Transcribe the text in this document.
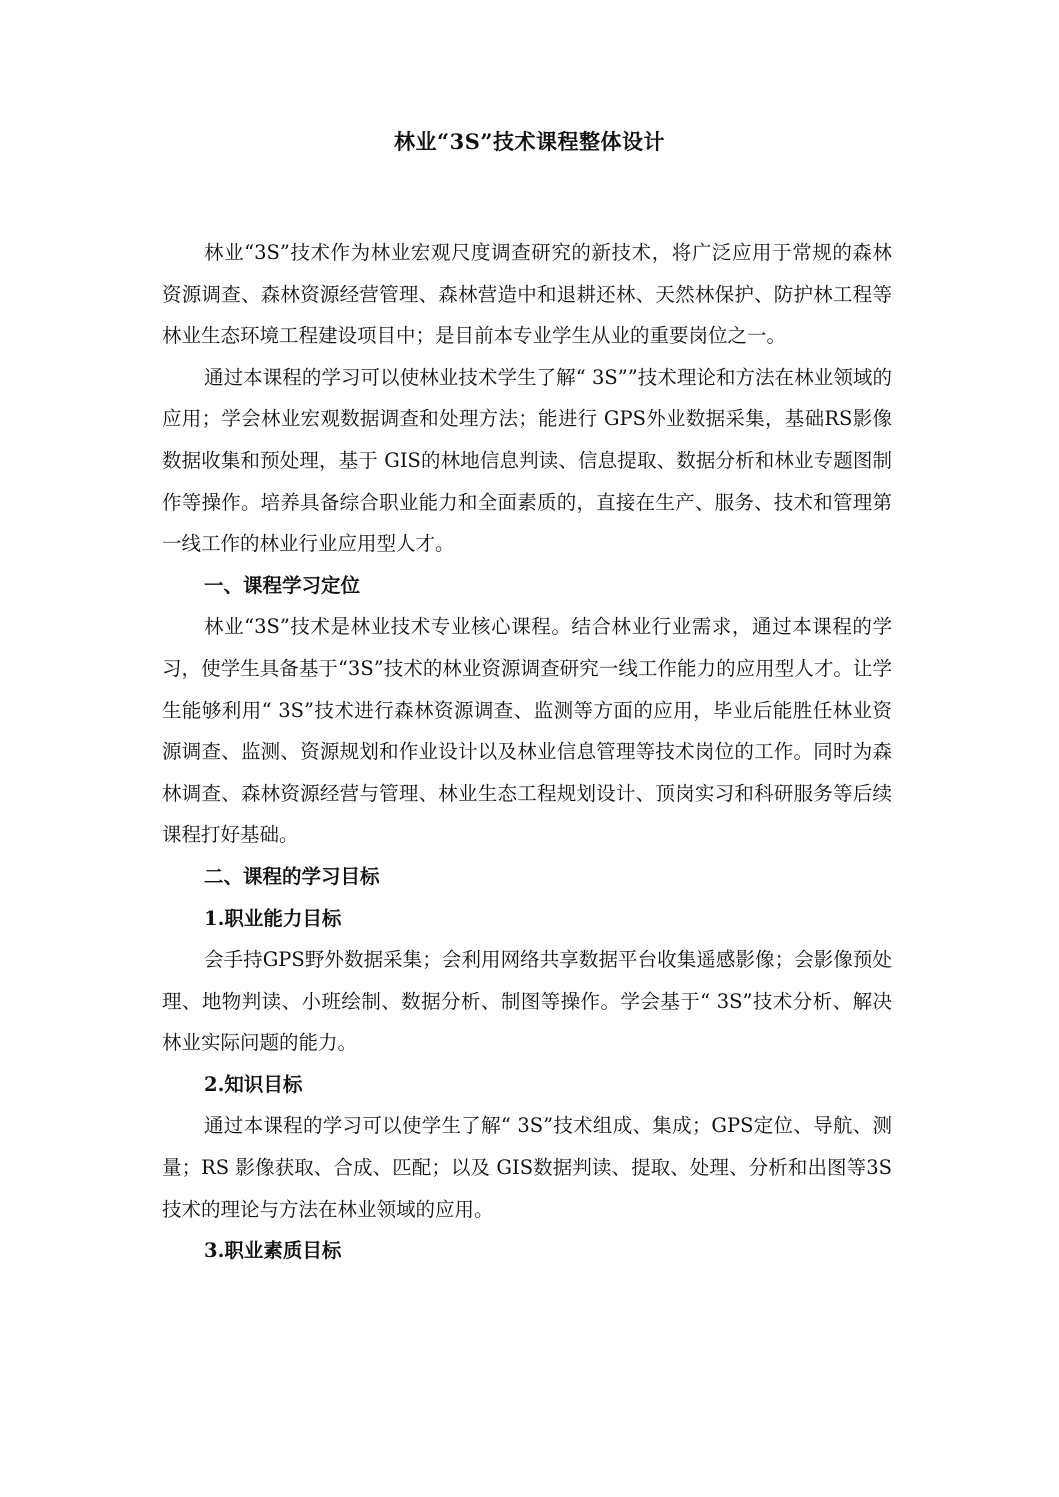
林业“3S”技术课程整体设计

林业“3S”技术作为林业宏观尺度调查研究的新技术，将广泛应用于常规的森林资源调查、森林资源经营管理、森林营造中和退耕还林、天然林保护、防护林工程等林业生态环境工程建设项目中；是目前本专业学生从业的重要岗位之一。

通过本课程的学习可以使林业技术学生了解“ 3S””技术理论和方法在林业领域的应用；学会林业宏观数据调查和处理方法；能进行 GPS外业数据采集，基础RS影像数据收集和预处理，基于 GIS的林地信息判读、信息提取、数据分析和林业专题图制作等操作。培养具备综合职业能力和全面素质的，直接在生产、服务、技术和管理第一线工作的林业行业应用型人才。

一、课程学习定位

林业“3S”技术是林业技术专业核心课程。结合林业行业需求，通过本课程的学习，使学生具备基于“3S”技术的林业资源调查研究一线工作能力的应用型人才。让学生能够利用“ 3S”技术进行森林资源调查、监测等方面的应用，毕业后能胜任林业资源调查、监测、资源规划和作业设计以及林业信息管理等技术岗位的工作。同时为森林调查、森林资源经营与管理、林业生态工程规划设计、顶岗实习和科研服务等后续课程打好基础。

二、课程的学习目标

1.职业能力目标

会手持GPS野外数据采集；会利用网络共享数据平台收集遥感影像；会影像预处理、地物判读、小班绘制、数据分析、制图等操作。学会基于“ 3S”技术分析、解决林业实际问题的能力。

2.知识目标

通过本课程的学习可以使学生了解“ 3S”技术组成、集成；GPS定位、导航、测量；RS 影像获取、合成、匹配；以及 GIS数据判读、提取、处理、分析和出图等3S技术的理论与方法在林业领域的应用。

3.职业素质目标
